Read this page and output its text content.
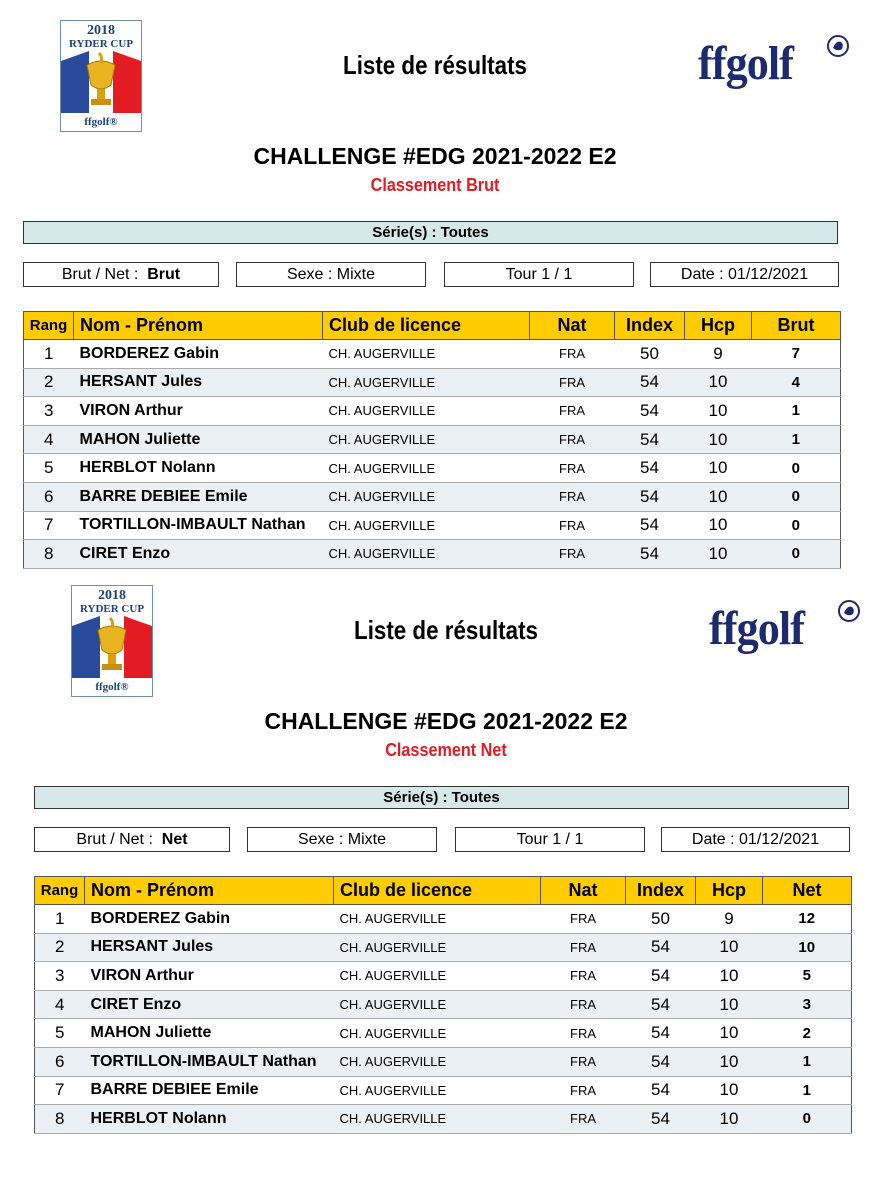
2018
RYDER CUP
ffgolf®
Liste de résultats	ffgolf
CHALLENGE #EDG 2021-2022 E2
Classement Brut
Série(s) : Toutes
Brut / Net : Brut	Sexe : Mixte	Tour 1 / 1	Date : 01/12/2021
Rang	Nom - Prénom	Club de licence	Nat	Index	Hcp	Brut
1	BORDEREZ Gabin	CH. AUGERVILLE	FRA	50	9	7
2	HERSANT Jules	CH. AUGERVILLE	FRA	54	10	4
3	VIRON Arthur	CH. AUGERVILLE	FRA	54	10	1
4	MAHON Juliette	CH. AUGERVILLE	FRA	54	10	1
5	HERBLOT Nolann	CH. AUGERVILLE	FRA	54	10	0
6	BARRE DEBIEE Emile	CH. AUGERVILLE	FRA	54	10	0
7	TORTILLON-IMBAULT Nathan	CH. AUGERVILLE	FRA	54	10	0
8	CIRET Enzo	CH. AUGERVILLE	FRA	54	10	0
2018
RYDER CUP
ffgolf®
Liste de résultats	ffgolf
CHALLENGE #EDG 2021-2022 E2
Classement Net
Série(s) : Toutes
Brut / Net : Net	Sexe : Mixte	Tour 1 / 1	Date : 01/12/2021
Rang	Nom - Prénom	Club de licence	Nat	Index	Hcp	Net
1	BORDEREZ Gabin	CH. AUGERVILLE	FRA	50	9	12
2	HERSANT Jules	CH. AUGERVILLE	FRA	54	10	10
3	VIRON Arthur	CH. AUGERVILLE	FRA	54	10	5
4	CIRET Enzo	CH. AUGERVILLE	FRA	54	10	3
5	MAHON Juliette	CH. AUGERVILLE	FRA	54	10	2
6	TORTILLON-IMBAULT Nathan	CH. AUGERVILLE	FRA	54	10	1
7	BARRE DEBIEE Emile	CH. AUGERVILLE	FRA	54	10	1
8	HERBLOT Nolann	CH. AUGERVILLE	FRA	54	10	0
